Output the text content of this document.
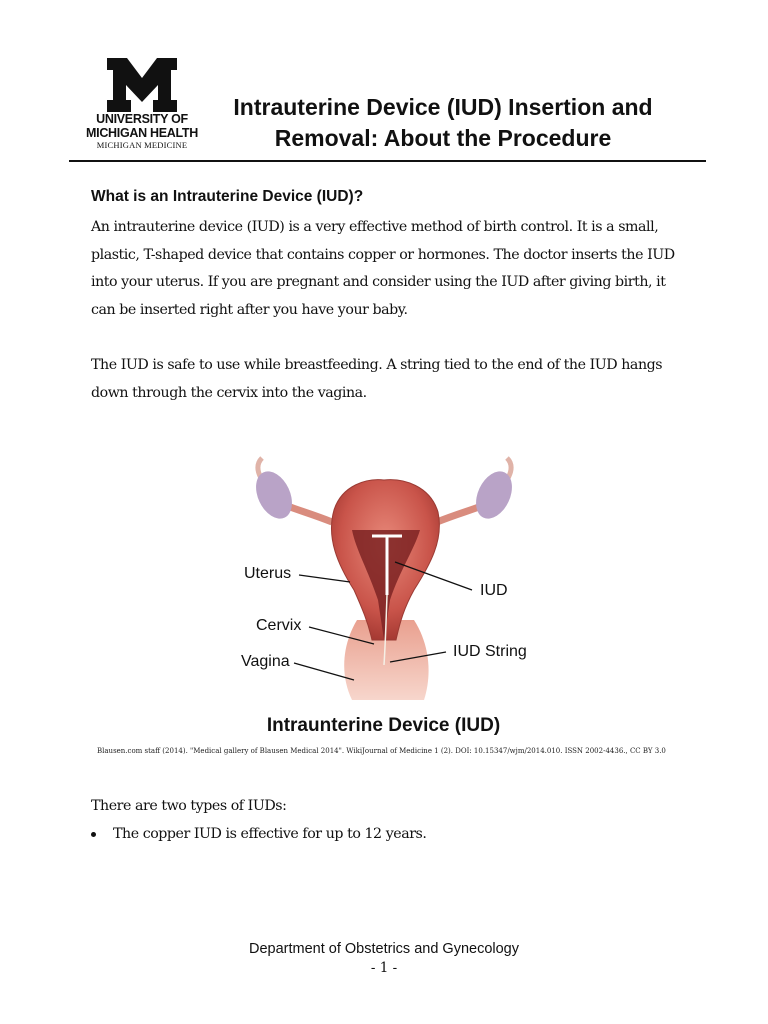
UNIVERSITY OF
MICHIGAN HEALTH
MICHIGAN MEDICINE
Intrauterine Device (IUD) Insertion and
Removal: About the Procedure
What is an Intrauterine Device (IUD)?

An intrauterine device (IUD) is a very effective method of birth control. It is a small, plastic, T-shaped device that contains copper or hormones. The doctor inserts the IUD into your uterus. If you are pregnant and consider using the IUD after giving birth, it can be inserted right after you have your baby.

The IUD is safe to use while breastfeeding. A string tied to the end of the IUD hangs down through the cervix into the vagina.

Uterus
IUD
Cervix
Vagina
IUD String
Intraunterine Device (IUD)

Blausen.com staff (2014). "Medical gallery of Blausen Medical 2014". WikiJournal of Medicine 1 (2). DOI: 10.15347/wjm/2014.010. ISSN 2002-4436., CC BY 3.0

There are two types of IUDs:
The copper IUD is effective for up to 12 years.
Department of Obstetrics and Gynecology
- 1 -
